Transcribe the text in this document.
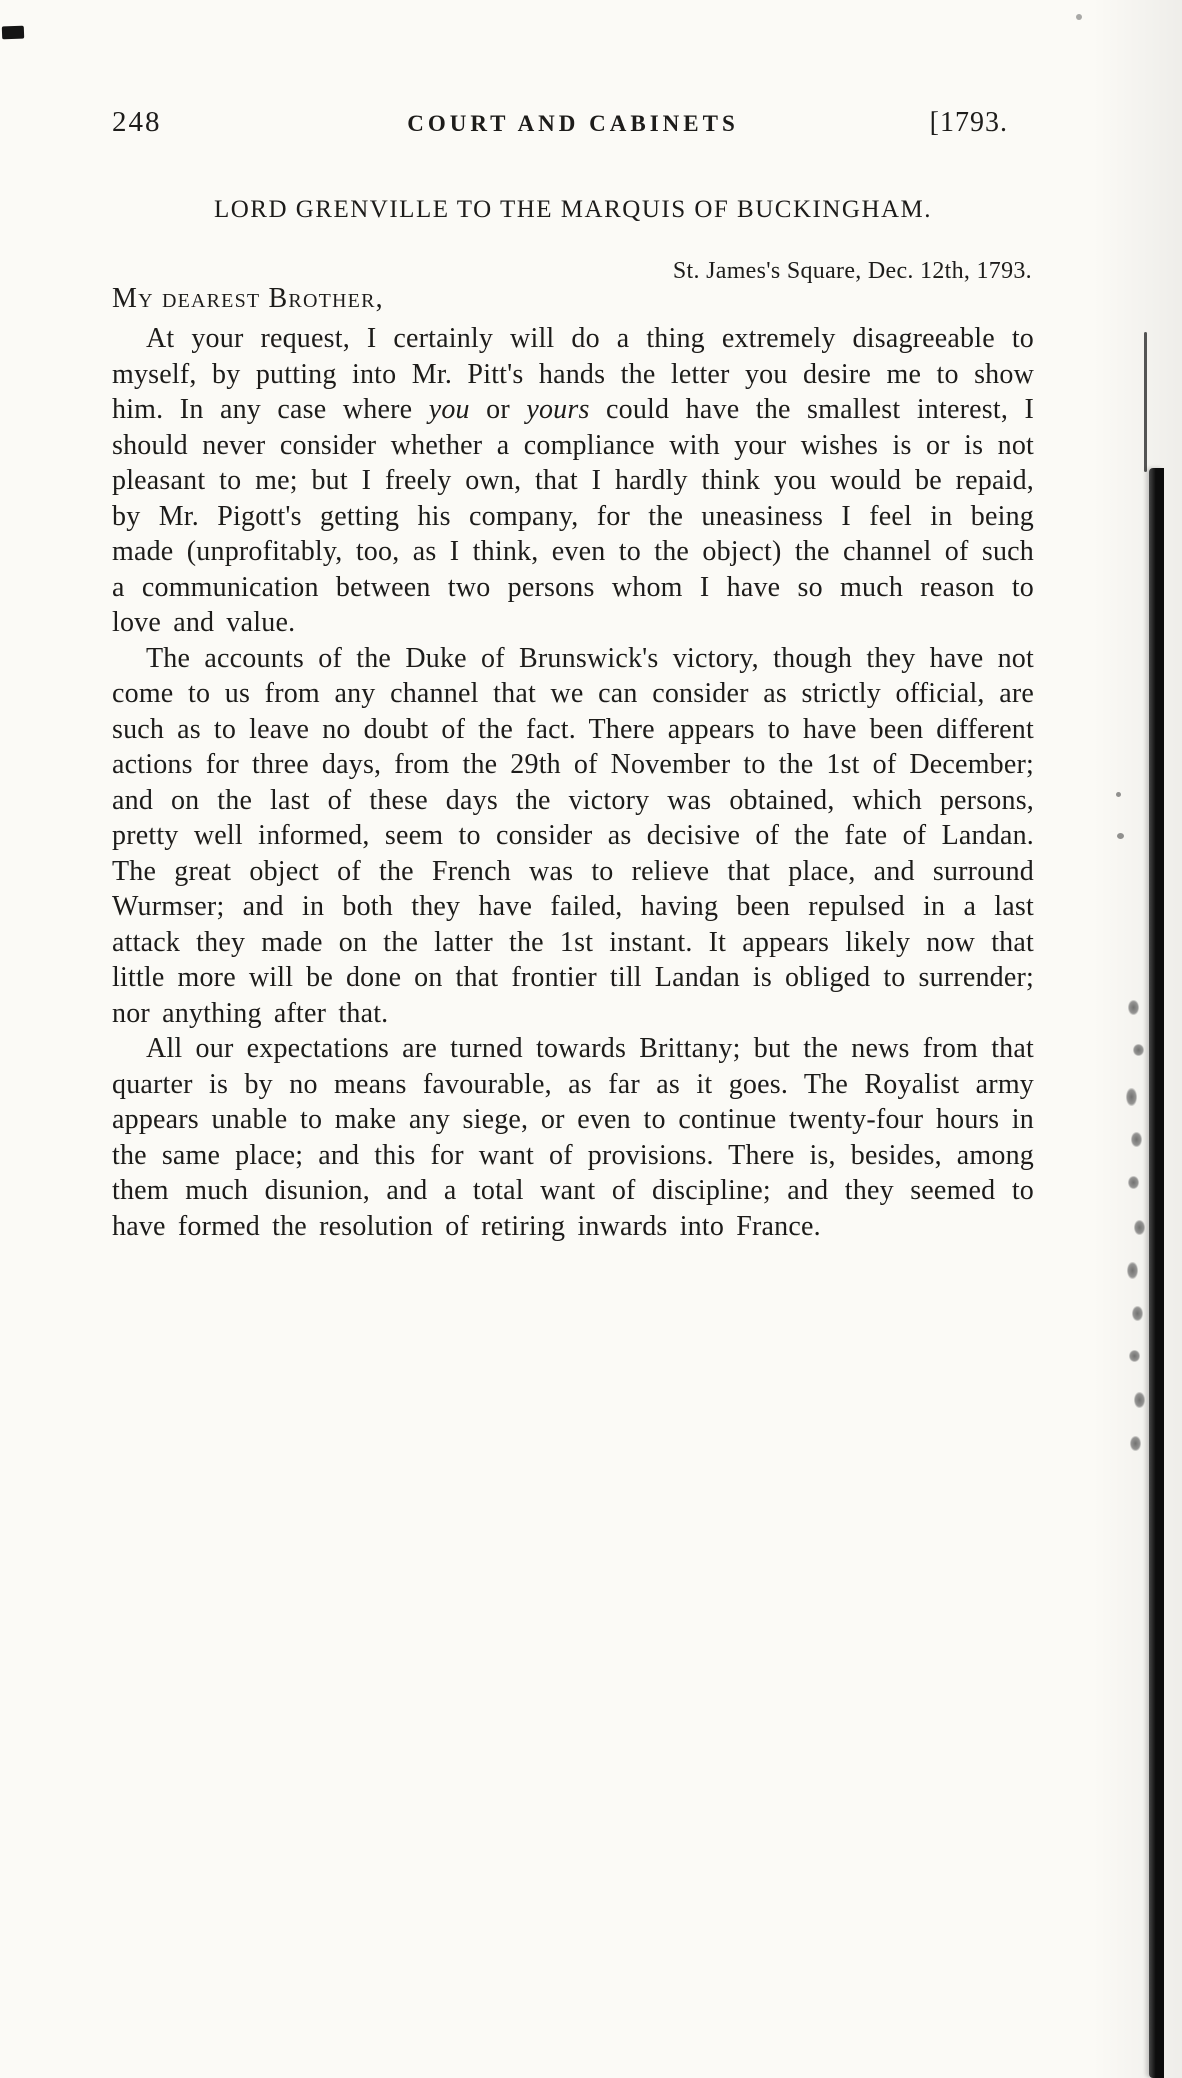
248	COURT AND CABINETS	[1793.
LORD GRENVILLE TO THE MARQUIS OF BUCKINGHAM.
St. James's Square, Dec. 12th, 1793.
My dearest Brother,

At your request, I certainly will do a thing extremely disagreeable to myself, by putting into Mr. Pitt's hands the letter you desire me to show him. In any case where you or yours could have the smallest interest, I should never consider whether a compliance with your wishes is or is not pleasant to me; but I freely own, that I hardly think you would be repaid, by Mr. Pigott's getting his company, for the uneasiness I feel in being made (unprofitably, too, as I think, even to the object) the channel of such a communication between two persons whom I have so much reason to love and value.

The accounts of the Duke of Brunswick's victory, though they have not come to us from any channel that we can consider as strictly official, are such as to leave no doubt of the fact. There appears to have been different actions for three days, from the 29th of November to the 1st of December; and on the last of these days the victory was obtained, which persons, pretty well informed, seem to consider as decisive of the fate of Landan. The great object of the French was to relieve that place, and surround Wurmser; and in both they have failed, having been repulsed in a last attack they made on the latter the 1st instant. It appears likely now that little more will be done on that frontier till Landan is obliged to surrender; nor anything after that.

All our expectations are turned towards Brittany; but the news from that quarter is by no means favourable, as far as it goes. The Royalist army appears unable to make any siege, or even to continue twenty-four hours in the same place; and this for want of provisions. There is, besides, among them much disunion, and a total want of discipline; and they seemed to have formed the resolution of retiring inwards into France.
